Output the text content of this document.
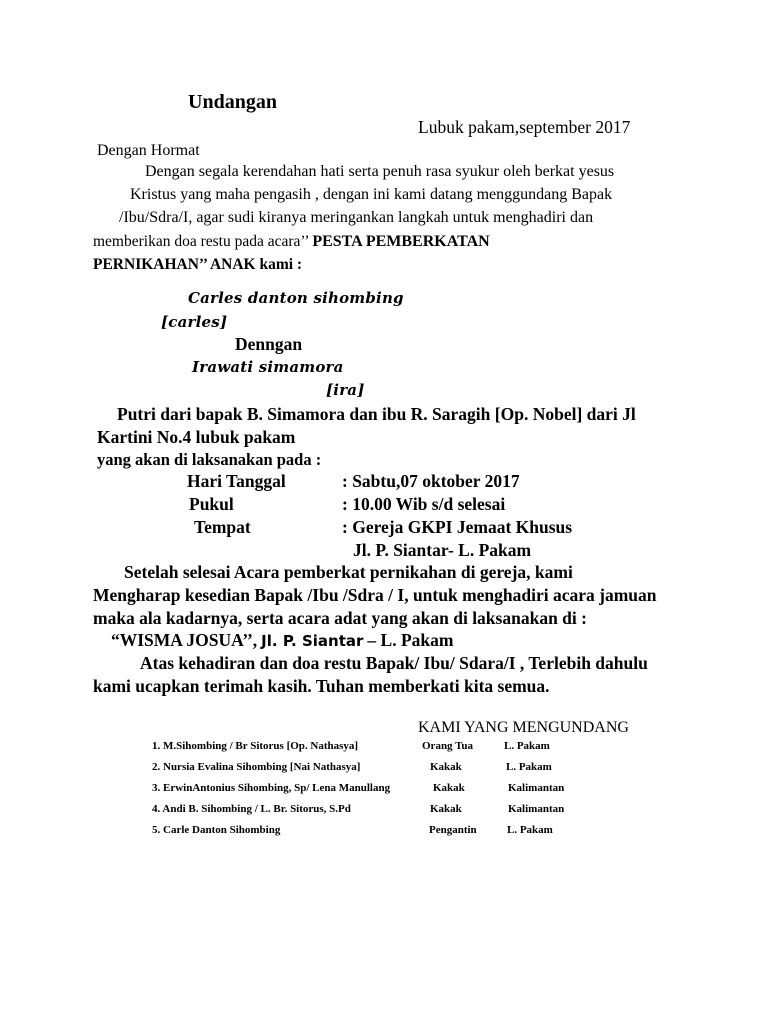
Undangan
Lubuk pakam,september 2017
Dengan Hormat
Dengan segala kerendahan hati serta penuh rasa syukur oleh berkat yesus
Kristus yang maha pengasih , dengan ini kami datang menggundang Bapak
/Ibu/Sdra/I, agar sudi kiranya meringankan langkah untuk menghadiri dan
memberikan doa restu pada acara’’ PESTA PEMBERKATAN
PERNIKAHAN’’ ANAK kami :
Carles danton sihombing
[carles]
Denngan
Irawati simamora
[ira]
Putri dari bapak B. Simamora dan ibu R. Saragih [Op. Nobel] dari Jl
Kartini No.4 lubuk pakam
yang akan di laksanakan pada :
Hari Tanggal	: Sabtu,07 oktober 2017
Pukul	: 10.00 Wib s/d selesai
Tempat	: Gereja GKPI Jemaat Khusus
Jl. P. Siantar- L. Pakam
Setelah selesai Acara pemberkat pernikahan di gereja, kami
Mengharap kesedian Bapak /Ibu /Sdra / I, untuk menghadiri acara jamuan
maka ala kadarnya, serta acara adat yang akan di laksanakan di :
“WISMA JOSUA’’, Jl. P. Siantar – L. Pakam
Atas kehadiran dan doa restu Bapak/ Ibu/ Sdara/I , Terlebih dahulu
kami ucapkan terimah kasih. Tuhan memberkati kita semua.
KAMI YANG MENGUNDANG
1. M.Sihombing / Br Sitorus [Op. Nathasya]	Orang Tua	L. Pakam
2. Nursia Evalina Sihombing [Nai Nathasya]	Kakak	L. Pakam
3. ErwinAntonius Sihombing, Sp/ Lena Manullang	Kakak	Kalimantan
4. Andi B. Sihombing / L. Br. Sitorus, S.Pd	Kakak	Kalimantan
5. Carle Danton Sihombing	Pengantin	L. Pakam
